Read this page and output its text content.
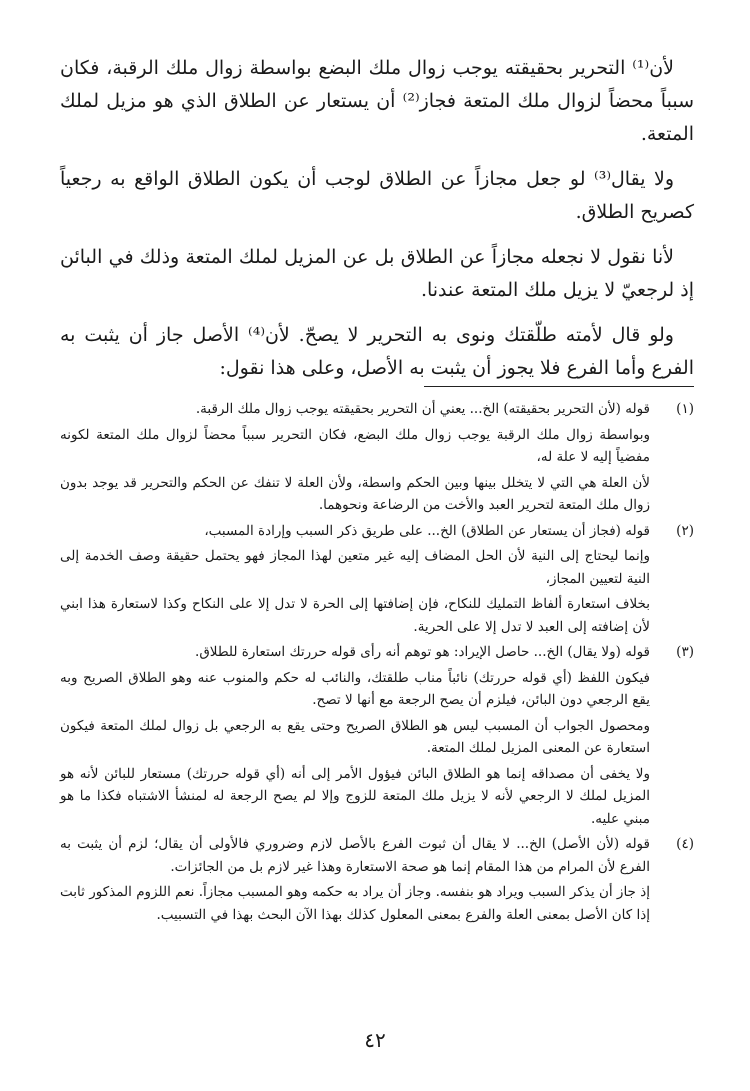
لأن⁽¹⁾ التحرير بحقيقته يوجب زوال ملك البضع بواسطة زوال ملك الرقبة، فكان سبباً محضاً لزوال ملك المتعة فجاز⁽²⁾ أن يستعار عن الطلاق الذي هو مزيل لملك المتعة.

ولا يقال⁽³⁾ لو جعل مجازاً عن الطلاق لوجب أن يكون الطلاق الواقع به رجعياً كصريح الطلاق.

لأنا نقول لا نجعله مجازاً عن الطلاق بل عن المزيل لملك المتعة وذلك في البائن إذ لرجعيّ لا يزيل ملك المتعة عندنا.

ولو قال لأمته طلّقتك ونوى به التحرير لا يصحّ. لأن⁽⁴⁾ الأصل جاز أن يثبت به الفرع وأما الفرع فلا يجوز أن يثبت به الأصل، وعلى هذا نقول:

(١)

قوله (لأن التحرير بحقيقته) الخ... يعني أن التحرير بحقيقته يوجب زوال ملك الرقبة.

وبواسطة زوال ملك الرقبة يوجب زوال ملك البضع، فكان التحرير سبباً محضاً لزوال ملك المتعة لكونه مفضياً إليه لا علة له،

لأن العلة هي التي لا يتخلل بينها وبين الحكم واسطة، ولأن العلة لا تنفك عن الحكم والتحرير قد يوجد بدون زوال ملك المتعة لتحرير العبد والأخت من الرضاعة ونحوهما.

(٢)

قوله (فجاز أن يستعار عن الطلاق) الخ... على طريق ذكر السبب وإرادة المسبب،

وإنما ليحتاج إلى النية لأن الحل المضاف إليه غير متعين لهذا المجاز فهو يحتمل حقيقة وصف الخدمة إلى النية لتعيين المجاز،

بخلاف استعارة ألفاظ التمليك للنكاح، فإن إضافتها إلى الحرة لا تدل إلا على النكاح وكذا لاستعارة هذا ابني لأن إضافته إلى العبد لا تدل إلا على الحرية.

(٣)

قوله (ولا يقال) الخ... حاصل الإيراد: هو توهم أنه رأى قوله حررتك استعارة للطلاق.

فيكون اللفظ (أي قوله حررتك) نائباً مناب طلقتك، والنائب له حكم والمنوب عنه وهو الطلاق الصريح وبه يقع الرجعي دون البائن، فيلزم أن يصح الرجعة مع أنها لا تصح.

ومحصول الجواب أن المسبب ليس هو الطلاق الصريح وحتى يقع به الرجعي بل زوال لملك المتعة فيكون استعارة عن المعنى المزيل لملك المتعة.

ولا يخفى أن مصداقه إنما هو الطلاق البائن فيؤول الأمر إلى أنه (أي قوله حررتك) مستعار للبائن لأنه هو المزيل لملك لا الرجعي لأنه لا يزيل ملك المتعة للزوج وإلا لم يصح الرجعة له لمنشأ الاشتباه فكذا ما هو مبني عليه.

(٤)

قوله (لأن الأصل) الخ... لا يقال أن ثبوت الفرع بالأصل لازم وضروري فالأولى أن يقال؛ لزم أن يثبت به الفرع لأن المرام من هذا المقام إنما هو صحة الاستعارة وهذا غير لازم بل من الجائزات.

إذ جاز أن يذكر السبب ويراد هو بنفسه. وجاز أن يراد به حكمه وهو المسبب مجازاً. نعم اللزوم المذكور ثابت إذا كان الأصل بمعنى العلة والفرع بمعنى المعلول كذلك بهذا الآن البحث بهذا في التسبيب.

٤٢
